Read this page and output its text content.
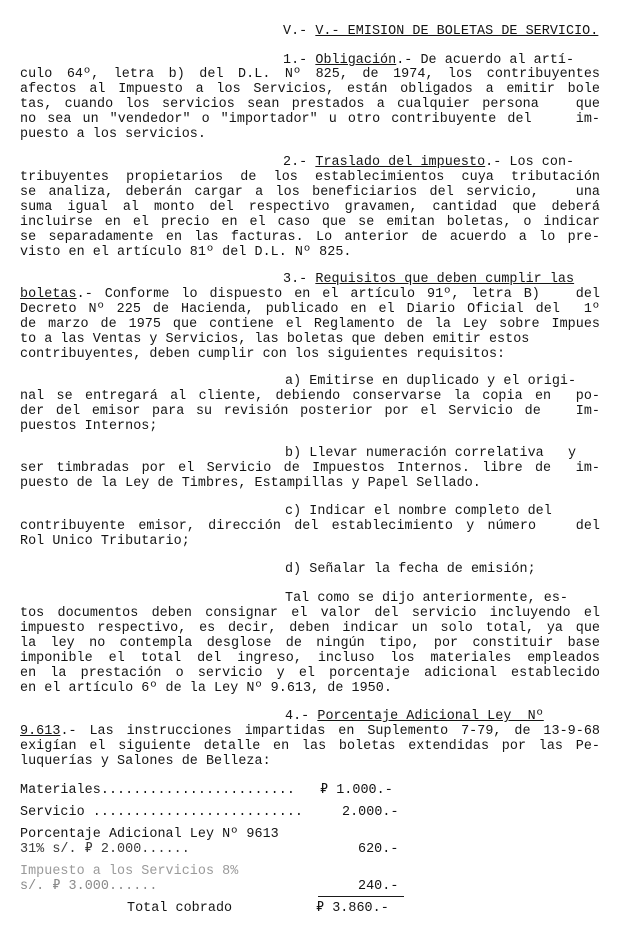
V.- V.- EMISION DE BOLETAS DE SERVICIO.
1.- Obligación.- De acuerdo al artí-
culo 64º, letra b) del D.L. Nº 825, de 1974, los contribuyentes
afectos al Impuesto a los Servicios, están obligados a emitir bole
tas, cuando los servicios sean prestados a cualquier persona   que
no sea un "vendedor" o "importador" u otro contribuyente del    im-
puesto a los servicios.
2.- Traslado del impuesto.- Los con-
tribuyentes propietarios de los establecimientos cuya tributación
se analiza, deberán cargar a los beneficiarios del servicio,   una
suma igual al monto del respectivo gravamen, cantidad que deberá
incluirse en el precio en el caso que se emitan boletas, o indicar
se separadamente en las facturas. Lo anterior de acuerdo a lo pre-
visto en el artículo 81º del D.L. Nº 825.
3.- Requisitos que deben cumplir las
boletas.- Conforme lo dispuesto en el artículo 91º, letra B)   del
Decreto Nº 225 de Hacienda, publicado en el Diario Oficial del  1º
de marzo de 1975 que contiene el Reglamento de la Ley sobre Impues
to a las Ventas y Servicios, las boletas que deben emitir estos
contribuyentes, deben cumplir con los siguientes requisitos:
a) Emitirse en duplicado y el origi-
nal se entregará al cliente, debiendo conservarse la copia en  po-
der del emisor para su revisión posterior por el Servicio de   Im-
puestos Internos;
b) Llevar numeración correlativa   y
ser timbradas por el Servicio de Impuestos Internos. libre de  im-
puesto de la Ley de Timbres, Estampillas y Papel Sellado.
c) Indicar el nombre completo del
contribuyente emisor, dirección del establecimiento y número   del
Rol Unico Tributario;
d) Señalar la fecha de emisión;
Tal como se dijo anteriormente, es-
tos documentos deben consignar el valor del servicio incluyendo el
impuesto respectivo, es decir, deben indicar un solo total, ya que
la ley no contempla desglose de ningún tipo, por constituir base
imponible el total del ingreso, incluso los materiales empleados
en la prestación o servicio y el porcentaje adicional establecido
en el artículo 6º de la Ley Nº 9.613, de 1950.
4.- Porcentaje Adicional Ley  Nº
9.613.- Las instrucciones impartidas en Suplemento 7-79, de 13-9-68
exigían el siguiente detalle en las boletas extendidas por las Pe-
luquerías y Salones de Belleza:
Materiales........................ ₽ 1.000.-
Servicio ..........................	2.000.-
Porcentaje Adicional Ley Nº 9613
31% s/. ₽ 2.000......	620.-
Impuesto a los Servicios 8%
s/. ₽ 3.000......	240.-
Total cobrado	₽ 3.860.-
